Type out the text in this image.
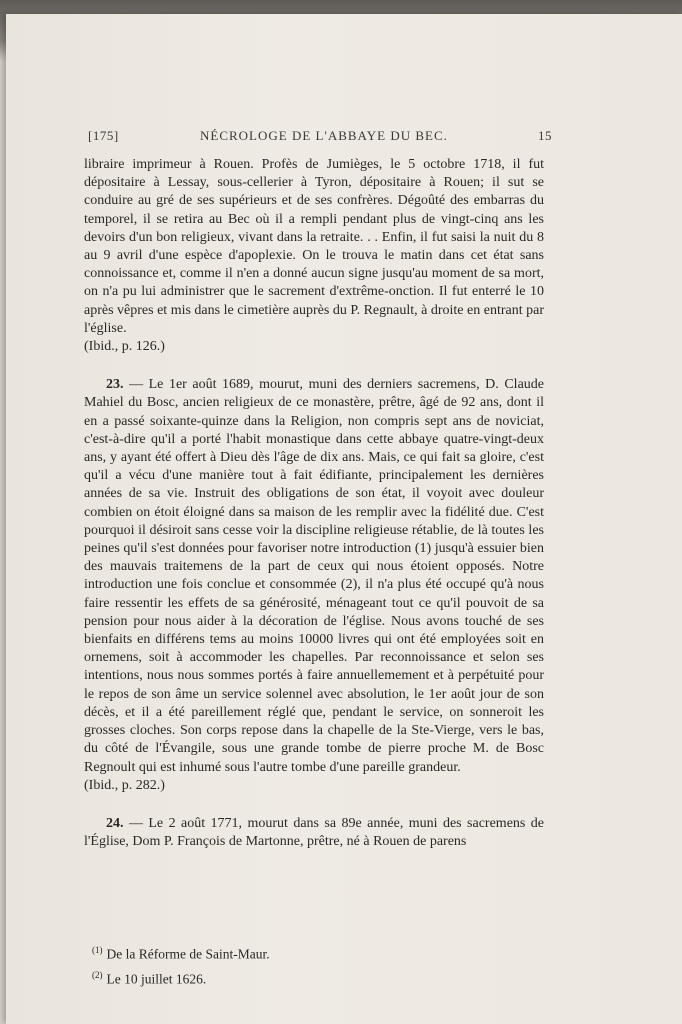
[175]	NÉCROLOGE DE L'ABBAYE DU BEC.	15

libraire imprimeur à Rouen. Profès de Jumièges, le 5 octobre 1718, il fut dépositaire à Lessay, sous-cellerier à Tyron, dépositaire à Rouen; il sut se conduire au gré de ses supérieurs et de ses confrères. Dégoûté des embarras du temporel, il se retira au Bec où il a rempli pendant plus de vingt-cinq ans les devoirs d'un bon religieux, vivant dans la retraite. . . Enfin, il fut saisi la nuit du 8 au 9 avril d'une espèce d'apoplexie. On le trouva le matin dans cet état sans connoissance et, comme il n'en a donné aucun signe jusqu'au moment de sa mort, on n'a pu lui administrer que le sacrement d'extrême-onction. Il fut enterré le 10 après vêpres et mis dans le cimetière auprès du P. Regnault, à droite en entrant par l'église.

(Ibid., p. 126.)

23. — Le 1er août 1689, mourut, muni des derniers sacremens, D. Claude Mahiel du Bosc, ancien religieux de ce monastère, prêtre, âgé de 92 ans, dont il en a passé soixante-quinze dans la Religion, non compris sept ans de noviciat, c'est-à-dire qu'il a porté l'habit monastique dans cette abbaye quatre-vingt-deux ans, y ayant été offert à Dieu dès l'âge de dix ans. Mais, ce qui fait sa gloire, c'est qu'il a vécu d'une manière tout à fait édifiante, principalement les dernières années de sa vie. Instruit des obligations de son état, il voyoit avec douleur combien on étoit éloigné dans sa maison de les remplir avec la fidélité due. C'est pourquoi il désiroit sans cesse voir la discipline religieuse rétablie, de là toutes les peines qu'il s'est données pour favoriser notre introduction (1) jusqu'à essuier bien des mauvais traitemens de la part de ceux qui nous étoient opposés. Notre introduction une fois conclue et consommée (2), il n'a plus été occupé qu'à nous faire ressentir les effets de sa générosité, ménageant tout ce qu'il pouvoit de sa pension pour nous aider à la décoration de l'église. Nous avons touché de ses bienfaits en différens tems au moins 10000 livres qui ont été employées soit en ornemens, soit à accommoder les chapelles. Par reconnoissance et selon ses intentions, nous nous sommes portés à faire annuellemement et à perpétuité pour le repos de son âme un service solennel avec absolution, le 1er août jour de son décès, et il a été pareillement réglé que, pendant le service, on sonneroit les grosses cloches. Son corps repose dans la chapelle de la Ste-Vierge, vers le bas, du côté de l'Évangile, sous une grande tombe de pierre proche M. de Bosc Regnoult qui est inhumé sous l'autre tombe d'une pareille grandeur.

(Ibid., p. 282.)

24. — Le 2 août 1771, mourut dans sa 89e année, muni des sacremens de l'Église, Dom P. François de Martonne, prêtre, né à Rouen de parens

$^{(1)}$ De la Réforme de Saint-Maur.
$^{(2)}$ Le 10 juillet 1626.
